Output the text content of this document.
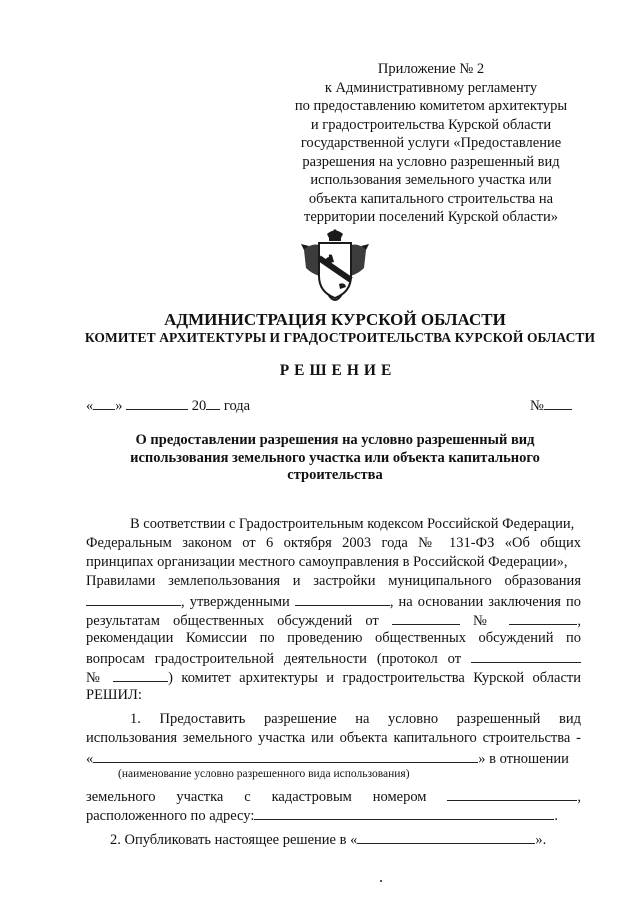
Приложение № 2
к Административному регламенту
по предоставлению комитетом архитектуры
и градостроительства Курской области
государственной услуги «Предоставление
разрешения на условно разрешенный вид
использования земельного участка или
объекта капитального строительства на
территории поселений Курской области»
АДМИНИСТРАЦИЯ КУРСКОЙ ОБЛАСТИ
КОМИТЕТ АРХИТЕКТУРЫ И ГРАДОСТРОИТЕЛЬСТВА КУРСКОЙ ОБЛАСТИ
РЕШЕНИЕ
« »	20 года	№
О предоставлении разрешения на условно разрешенный вид
использования земельного участка или объекта капитального
строительства
В соответствии с Градостроительным кодексом Российской Федерации,
Федеральным законом от 6 октября 2003 года № 131-ФЗ «Об общих
принципах организации местного самоуправления в Российской Федерации»,
Правилами землепользования и застройки муниципального образования
, утвержденными	, на основании заключения по
результатам общественных обсуждений от	№	,
рекомендации Комиссии по проведению общественных обсуждений по
вопросам градостроительной деятельности (протокол от
№	) комитет архитектуры и градостроительства Курской области
РЕШИЛ:
1. Предоставить разрешение на условно разрешенный вид
использования земельного участка или объекта капитального строительства -
«	» в отношении
(наименование условно разрешенного вида использования)
земельного участка с кадастровым номером	,
расположенного по адресу:	.
2. Опубликовать настоящее решение в «	».
